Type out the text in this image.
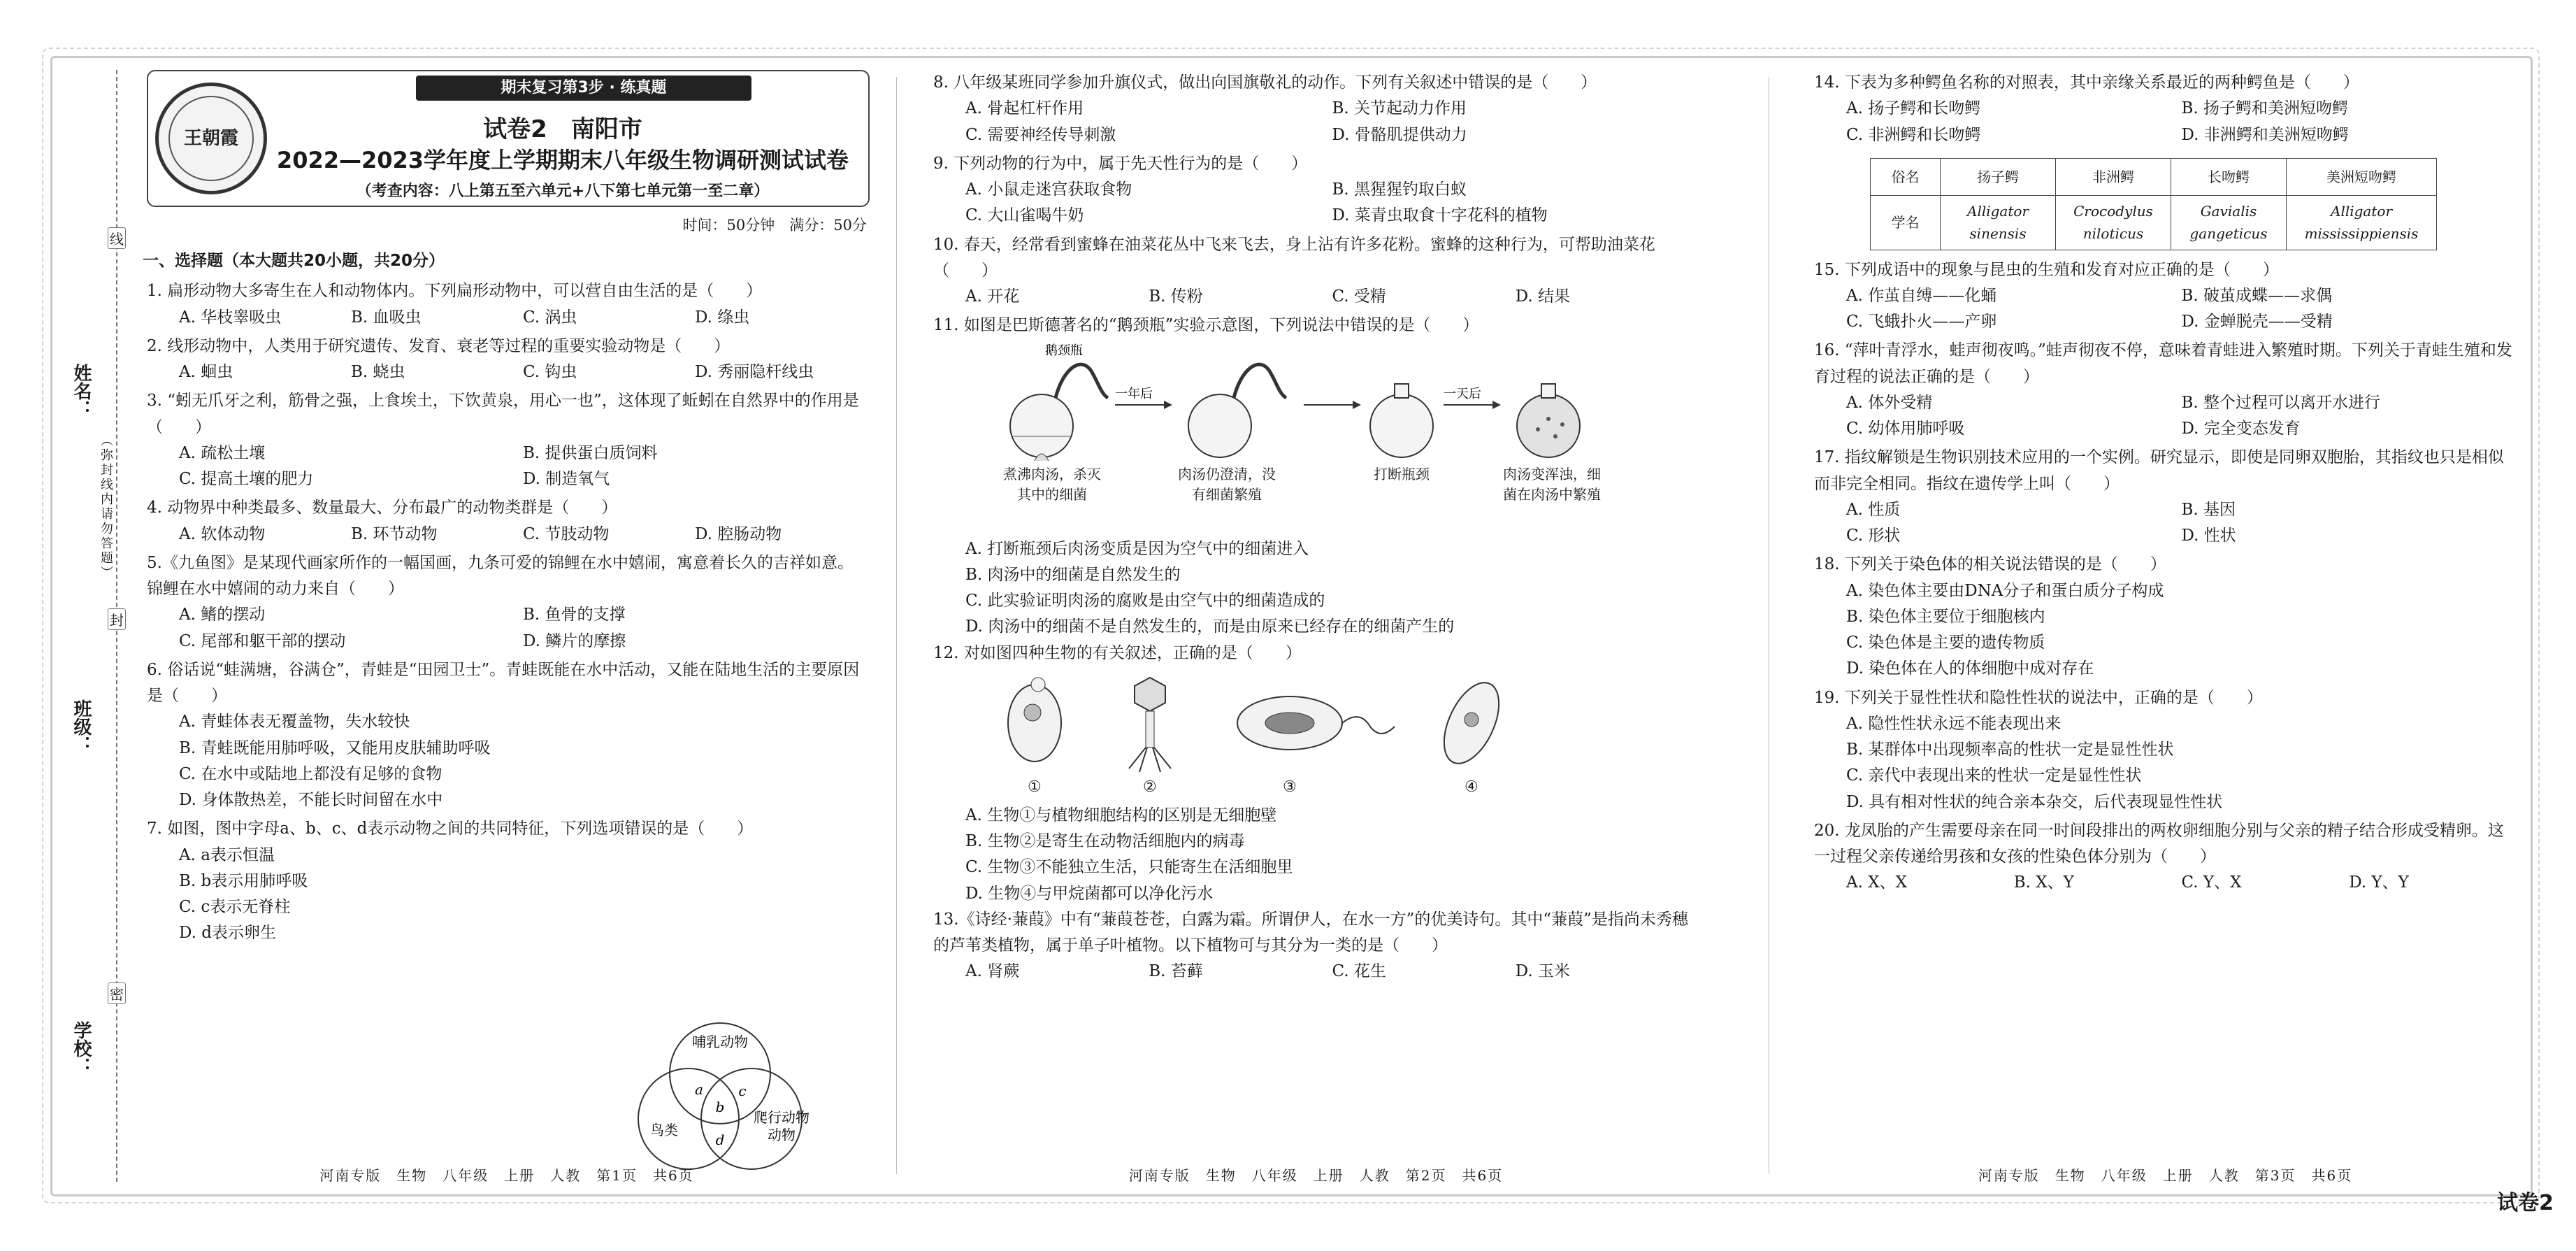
姓名：
班级：
学校：
线
封
密
（弥封线内请勿答题）
王朝霞
期末复习第3步 · 练真题
试卷2　南阳市
2022—2023学年度上学期期末八年级生物调研测试试卷
（考查内容：八上第五至六单元+八下第七单元第一至二章）
时间：50分钟　满分：50分
一、选择题（本大题共20小题，共20分）
1. 扁形动物大多寄生在人和动物体内。下列扁形动物中，可以营自由生活的是（　　）
A. 华枝睾吸虫	B. 血吸虫	C. 涡虫	D. 绦虫
2. 线形动物中，人类用于研究遗传、发育、衰老等过程的重要实验动物是（　　）
A. 蛔虫	B. 蛲虫	C. 钩虫	D. 秀丽隐杆线虫
3. “蚓无爪牙之利，筋骨之强，上食埃土，下饮黄泉，用心一也”，这体现了蚯蚓在自然界中的作用是（　　）
A. 疏松土壤	B. 提供蛋白质饲料
C. 提高土壤的肥力	D. 制造氧气
4. 动物界中种类最多、数量最大、分布最广的动物类群是（　　）
A. 软体动物	B. 环节动物	C. 节肢动物	D. 腔肠动物
5.《九鱼图》是某现代画家所作的一幅国画，九条可爱的锦鲤在水中嬉闹，寓意着长久的吉祥如意。锦鲤在水中嬉闹的动力来自（　　）
A. 鳍的摆动	B. 鱼骨的支撑
C. 尾部和躯干部的摆动	D. 鳞片的摩擦
6. 俗话说“蛙满塘，谷满仓”，青蛙是“田园卫士”。青蛙既能在水中活动，又能在陆地生活的主要原因是（　　）
A. 青蛙体表无覆盖物，失水较快
B. 青蛙既能用肺呼吸，又能用皮肤辅助呼吸
C. 在水中或陆地上都没有足够的食物
D. 身体散热差，不能长时间留在水中
7. 如图，图中字母a、b、c、d表示动物之间的共同特征，下列选项错误的是（　　）
A. a表示恒温
B. b表示用肺呼吸
C. c表示无脊柱
D. d表示卵生
哺乳动物
鸟类
爬行动物
动物
a
b
c
d
河南专版　生物　八年级　上册　人教　第1页　共6页
8. 八年级某班同学参加升旗仪式，做出向国旗敬礼的动作。下列有关叙述中错误的是（　　）
A. 骨起杠杆作用	B. 关节起动力作用
C. 需要神经传导刺激	D. 骨骼肌提供动力
9. 下列动物的行为中，属于先天性行为的是（　　）
A. 小鼠走迷宫获取食物	B. 黑猩猩钓取白蚁
C. 大山雀喝牛奶	D. 菜青虫取食十字花科的植物
10. 春天，经常看到蜜蜂在油菜花丛中飞来飞去，身上沾有许多花粉。蜜蜂的这种行为，可帮助油菜花（　　）
A. 开花	B. 传粉	C. 受精	D. 结果
11. 如图是巴斯德著名的“鹅颈瓶”实验示意图，下列说法中错误的是（　　）
鹅颈瓶
一年后	一天后
煮沸肉汤，杀灭其中的细菌
肉汤仍澄清，没有细菌繁殖
打断瓶颈	肉汤变浑浊，细菌在肉汤中繁殖
A. 打断瓶颈后肉汤变质是因为空气中的细菌进入
B. 肉汤中的细菌是自然发生的
C. 此实验证明肉汤的腐败是由空气中的细菌造成的
D. 肉汤中的细菌不是自然发生的，而是由原来已经存在的细菌产生的
12. 对如图四种生物的有关叙述，正确的是（　　）
①	②	③	④
A. 生物①与植物细胞结构的区别是无细胞壁
B. 生物②是寄生在动物活细胞内的病毒
C. 生物③不能独立生活，只能寄生在活细胞里
D. 生物④与甲烷菌都可以净化污水
13.《诗经·蒹葭》中有“蒹葭苍苍，白露为霜。所谓伊人，在水一方”的优美诗句。其中“蒹葭”是指尚未秀穗的芦苇类植物，属于单子叶植物。以下植物可与其分为一类的是（　　）
A. 肾蕨	B. 苔藓	C. 花生	D. 玉米
河南专版　生物　八年级　上册　人教　第2页　共6页
14. 下表为多种鳄鱼名称的对照表，其中亲缘关系最近的两种鳄鱼是（　　）
A. 扬子鳄和长吻鳄	B. 扬子鳄和美洲短吻鳄
C. 非洲鳄和长吻鳄	D. 非洲鳄和美洲短吻鳄
俗名	扬子鳄	非洲鳄	长吻鳄	美洲短吻鳄
学名	Alligator sinensis	Crocodylus niloticus	Gavialis gangeticus	Alligator mississippiensis
15. 下列成语中的现象与昆虫的生殖和发育对应正确的是（　　）
A. 作茧自缚——化蛹	B. 破茧成蝶——求偶
C. 飞蛾扑火——产卵	D. 金蝉脱壳——受精
16. “萍叶青浮水，蛙声彻夜鸣。”蛙声彻夜不停，意味着青蛙进入繁殖时期。下列关于青蛙生殖和发育过程的说法正确的是（　　）
A. 体外受精	B. 整个过程可以离开水进行
C. 幼体用肺呼吸	D. 完全变态发育
17. 指纹解锁是生物识别技术应用的一个实例。研究显示，即使是同卵双胞胎，其指纹也只是相似而非完全相同。指纹在遗传学上叫（　　）
A. 性质	B. 基因
C. 形状	D. 性状
18. 下列关于染色体的相关说法错误的是（　　）
A. 染色体主要由DNA分子和蛋白质分子构成
B. 染色体主要位于细胞核内
C. 染色体是主要的遗传物质
D. 染色体在人的体细胞中成对存在
19. 下列关于显性性状和隐性性状的说法中，正确的是（　　）
A. 隐性性状永远不能表现出来
B. 某群体中出现频率高的性状一定是显性性状
C. 亲代中表现出来的性状一定是显性性状
D. 具有相对性状的纯合亲本杂交，后代表现显性性状
20. 龙凤胎的产生需要母亲在同一时间段排出的两枚卵细胞分别与父亲的精子结合形成受精卵。这一过程父亲传递给男孩和女孩的性染色体分别为（　　）
A. X、X	B. X、Y	C. Y、X	D. Y、Y
河南专版　生物　八年级　上册　人教　第3页　共6页
试卷2
